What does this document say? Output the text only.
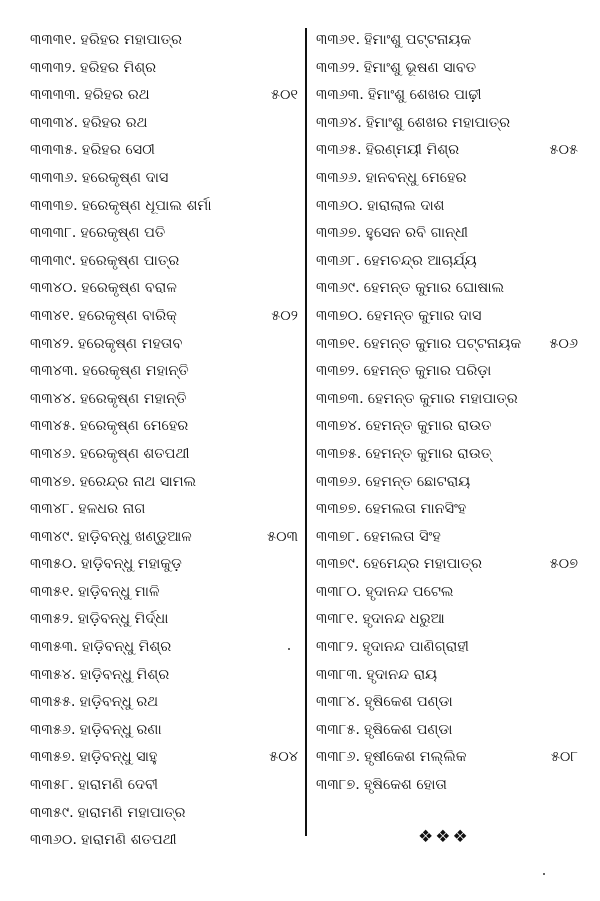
୩୩୩୧. ହରିହର ମହାପାତ୍ର
୩୩୩୨. ହରିହର ମିଶ୍ର
୩୩୩୩. ହରିହର ରଥ	୫୦୧
୩୩୩୪. ହରିହର ରଥ
୩୩୩୫. ହରିହର ସେଠୀ
୩୩୩୬. ହରେକୃଷ୍ଣ ଦାସ
୩୩୩୭. ହରେକୃଷ୍ଣ ଧୂପାଲ ଶର୍ମା
୩୩୩୮. ହରେକୃଷ୍ଣ ପତି
୩୩୩୯. ହରେକୃଷ୍ଣ ପାତ୍ର
୩୩୪୦. ହରେକୃଷ୍ଣ ବରାଳ
୩୩୪୧. ହରେକୃଷ୍ଣ ବାରିକ୍	୫୦୨
୩୩୪୨. ହରେକୃଷ୍ଣ ମହତାବ
୩୩୪୩. ହରେକୃଷ୍ଣ ମହାନ୍ତି
୩୩୪୪. ହରେକୃଷ୍ଣ ମହାନ୍ତି
୩୩୪୫. ହରେକୃଷ୍ଣ ମେହେର
୩୩୪୬. ହରେକୃଷ୍ଣ ଶତପଥୀ
୩୩୪୭. ହରେନ୍ଦ୍ର ନାଥ ସାମଲ
୩୩୪୮. ହଳଧର ନାଗ
୩୩୪୯. ହାଡ଼ିବନ୍ଧୁ ଖଣ୍ଡୁଆଳ	୫୦୩
୩୩୫୦. ହାଡ଼ିବନ୍ଧୁ ମହାକୁଡ଼
୩୩୫୧. ହାଡ଼ିବନ୍ଧୁ ମାଳି
୩୩୫୨. ହାଡ଼ିବନ୍ଧୁ ମିର୍ଦ୍ଧା
୩୩୫୩. ହାଡ଼ିବନ୍ଧୁ ମିଶ୍ର
୩୩୫୪. ହାଡ଼ିବନ୍ଧୁ ମିଶ୍ର
୩୩୫୫. ହାଡ଼ିବନ୍ଧୁ ରଥ
୩୩୫୬. ହାଡ଼ିବନ୍ଧୁ ରଣା
୩୩୫୭. ହାଡ଼ିବନ୍ଧୁ ସାହୁ	୫୦୪
୩୩୫୮. ହାରାମଣି ଦେବୀ
୩୩୫୯. ହାରାମଣି ମହାପାତ୍ର
୩୩୬୦. ହାରାମଣି ଶତପଥୀ
୩୩୬୧. ହିମାଂଶୁ ପଟ୍ଟନାୟକ
୩୩୬୨. ହିମାଂଶୁ ଭୂଷଣ ସାବତ
୩୩୬୩. ହିମାଂଶୁ ଶେଖର ପାଢ଼ୀ
୩୩୬୪. ହିମାଂଶୁ ଶେଖର ମହାପାତ୍ର
୩୩୬୫. ହିରଣ୍ମୟୀ ମିଶ୍ର	୫୦୫
୩୩୬୬. ହାନବନ୍ଧୁ ମେହେର
୩୩୬୦. ହାରାଲାଲ ଦାଶ
୩୩୬୭. ହୁସେନ ରବି ଗାନ୍ଧୀ
୩୩୬୮. ହେମଚନ୍ଦ୍ର ଆଚାର୍ଯ୍ୟ
୩୩୬୯. ହେମନ୍ତ କୁମାର ଘୋଷାଲ
୩୩୭୦. ହେମନ୍ତ କୁମାର ଦାସ
୩୩୭୧. ହେମନ୍ତ କୁମାର ପଟ୍ଟନାୟକ ୫୦୬
୩୩୭୨. ହେମନ୍ତ କୁମାର ପରିଡ଼ା
୩୩୭୩. ହେମନ୍ତ କୁମାର ମହାପାତ୍ର
୩୩୭୪. ହେମନ୍ତ କୁମାର ରାଉତ
୩୩୭୫. ହେମନ୍ତ କୁମାର ରାଉତ୍
୩୩୭୬. ହେମନ୍ତ ଛୋଟରାୟ
୩୩୭୭. ହେମଲତା ମାନସିଂହ
୩୩୭୮. ହେମଲତା ସିଂହ
୩୩୭୯. ହେମେନ୍ଦ୍ର ମହାପାତ୍ର	୫୦୭
୩୩୮୦. ହୃଦାନନ୍ଦ ପଟେଲ
୩୩୮୧. ହୃଦାନନ୍ଦ ଧରୁଆ
୩୩୮୨. ହୃଦାନନ୍ଦ ପାଣିଗ୍ରାହୀ
୩୩୮୩. ହୃଦାନନ୍ଦ ରାୟ
୩୩୮୪. ହୃଷିକେଶ ପଣ୍ଡା
୩୩୮୫. ହୃଷିକେଶ ପଣ୍ଡା
୩୩୮୬. ହୃଷୀକେଶ ମଲ୍ଲିକ	୫୦୮
୩୩୮୭. ହୃଷିକେଶ ହୋତା
❖❖❖
